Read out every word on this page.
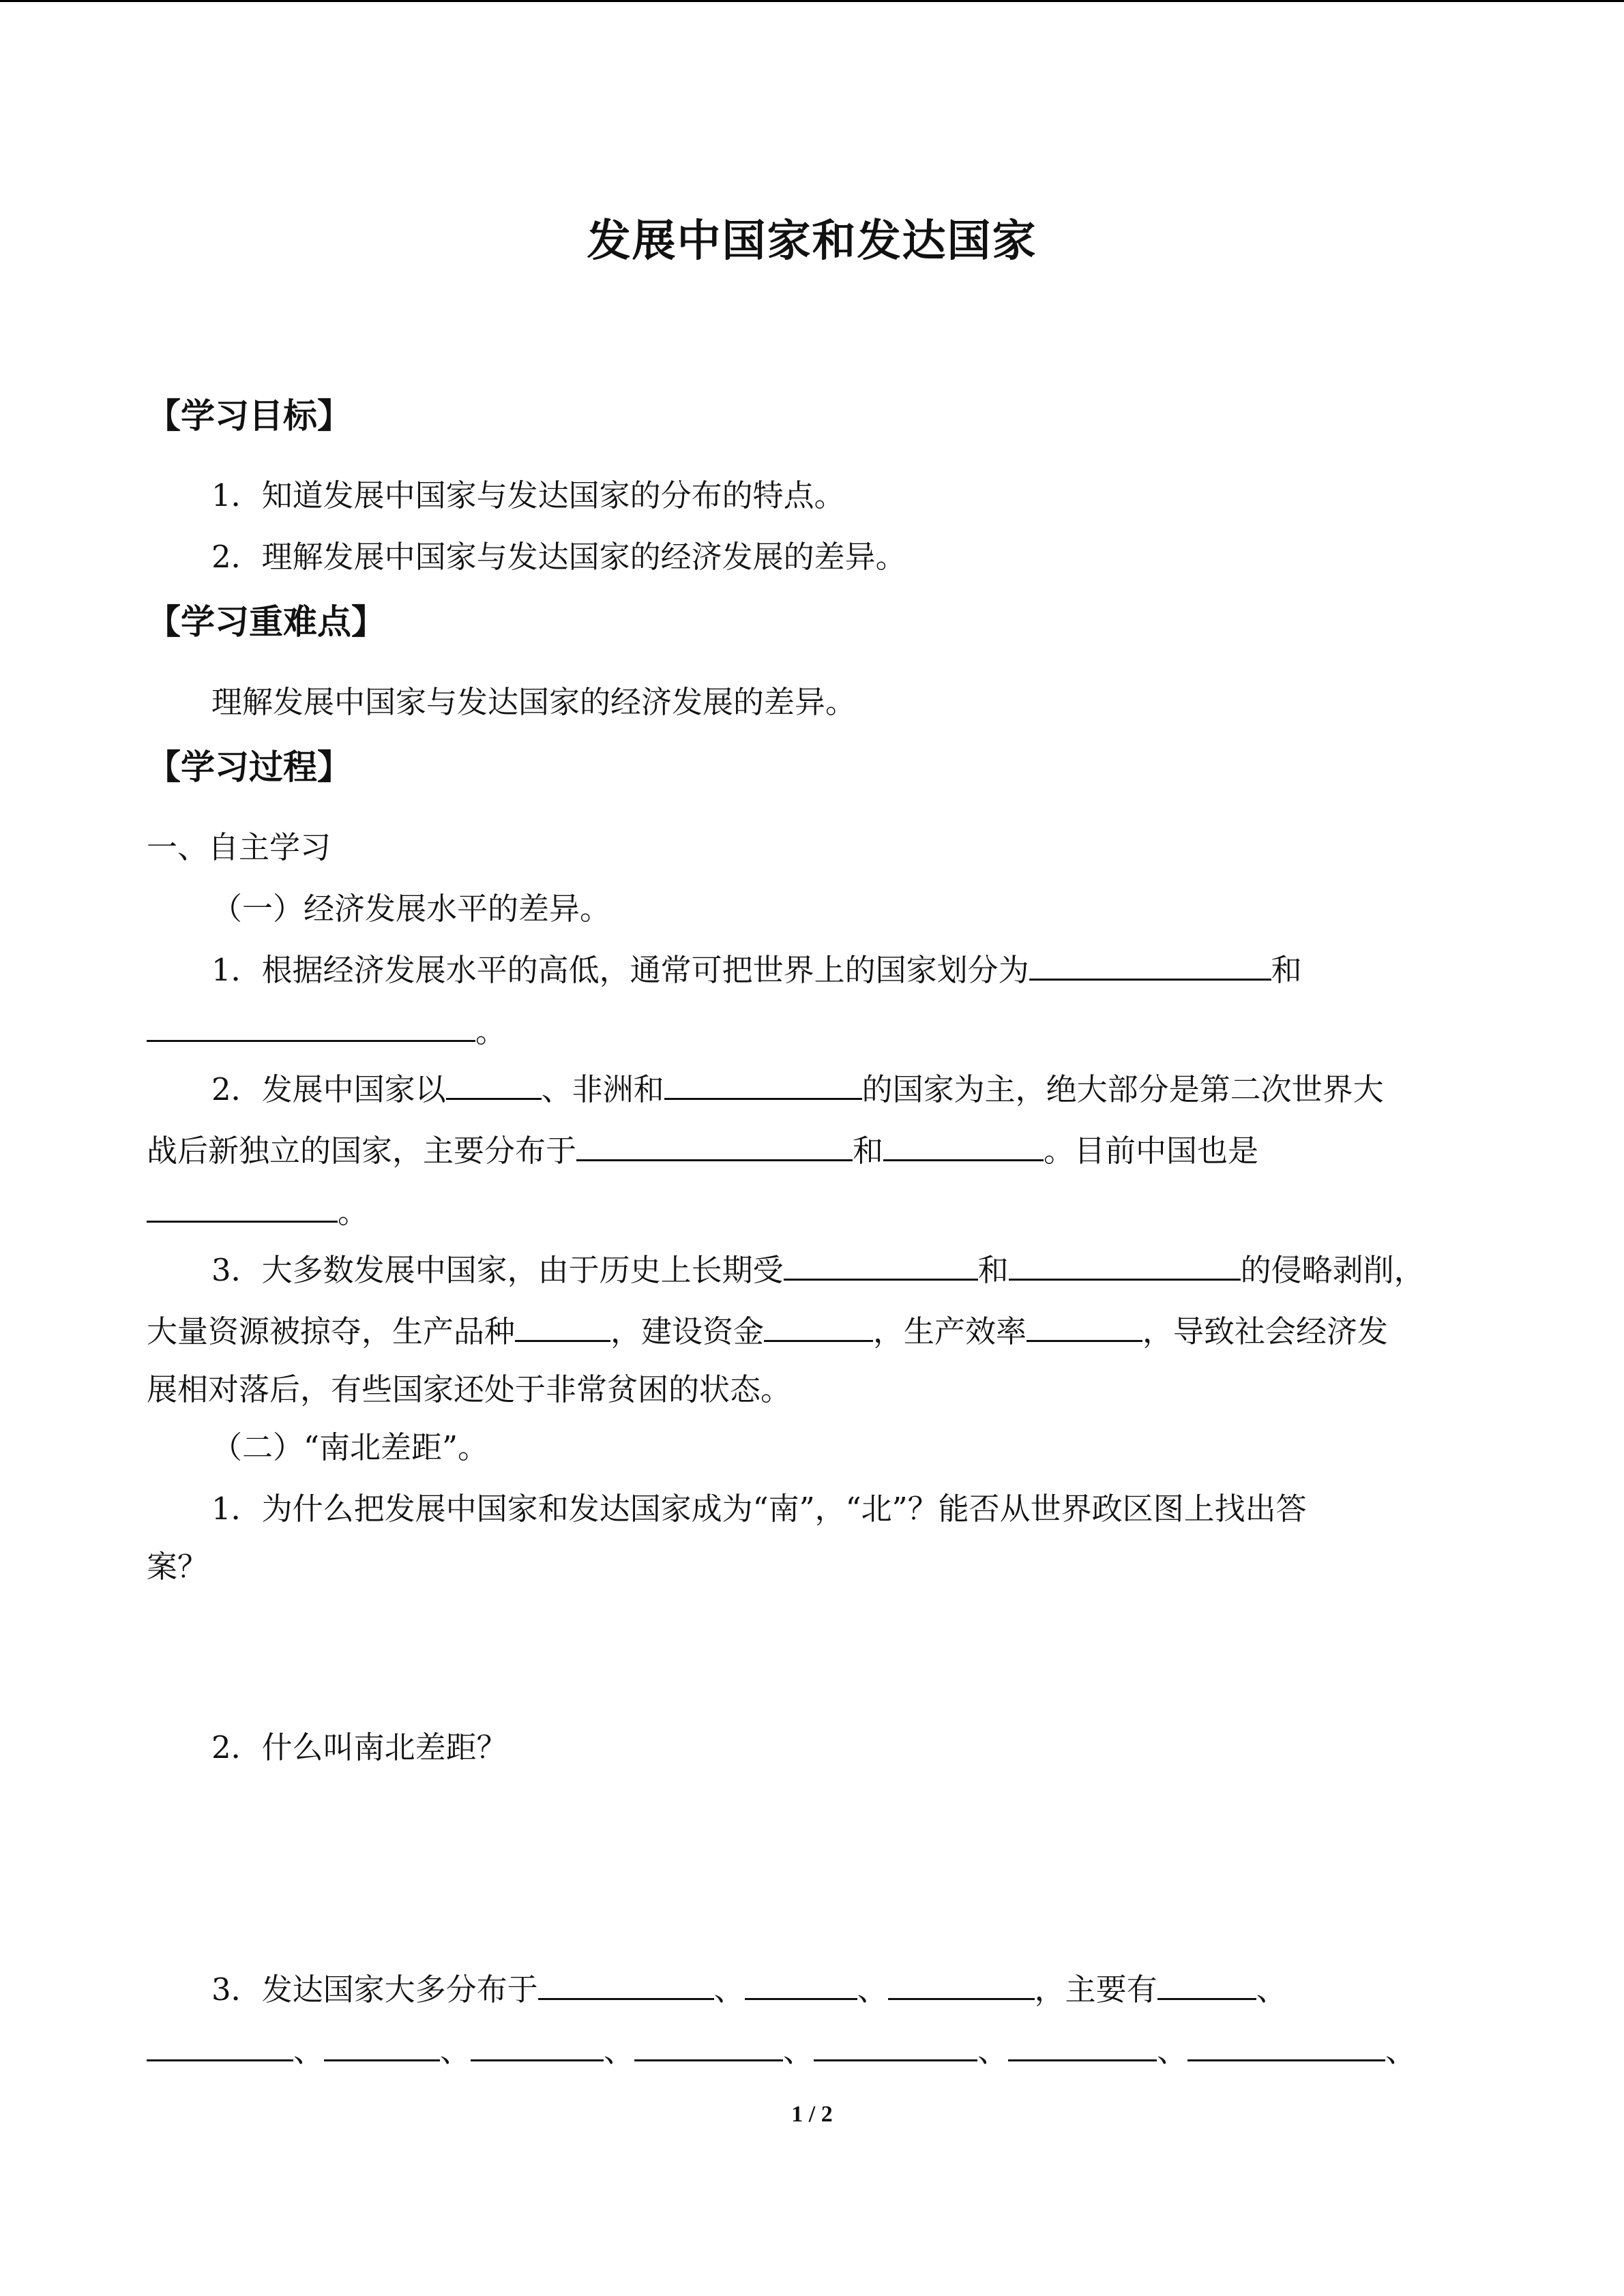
发展中国家和发达国家
【学习目标】
1．知道发展中国家与发达国家的分布的特点。
2．理解发展中国家与发达国家的经济发展的差异。
【学习重难点】
理解发展中国家与发达国家的经济发展的差异。
【学习过程】
一、自主学习
（一）经济发展水平的差异。
1．根据经济发展水平的高低，通常可把世界上的国家划分为	和
。
2．发展中国家以	、非洲和	的国家为主，绝大部分是第二次世界大
战后新独立的国家，主要分布于	和	。目前中国也是
。
3．大多数发展中国家，由于历史上长期受	和	的侵略剥削，
大量资源被掠夺，生产品种	，建设资金	，生产效率	，导致社会经济发
展相对落后，有些国家还处于非常贫困的状态。
（二）“南北差距”。
1．为什么把发展中国家和发达国家成为“南”，“北”？能否从世界政区图上找出答
案？
2．什么叫南北差距？
3．发达国家大多分布于	、	、	，主要有	、
、	、	、	、	、	、	、
1 / 2
